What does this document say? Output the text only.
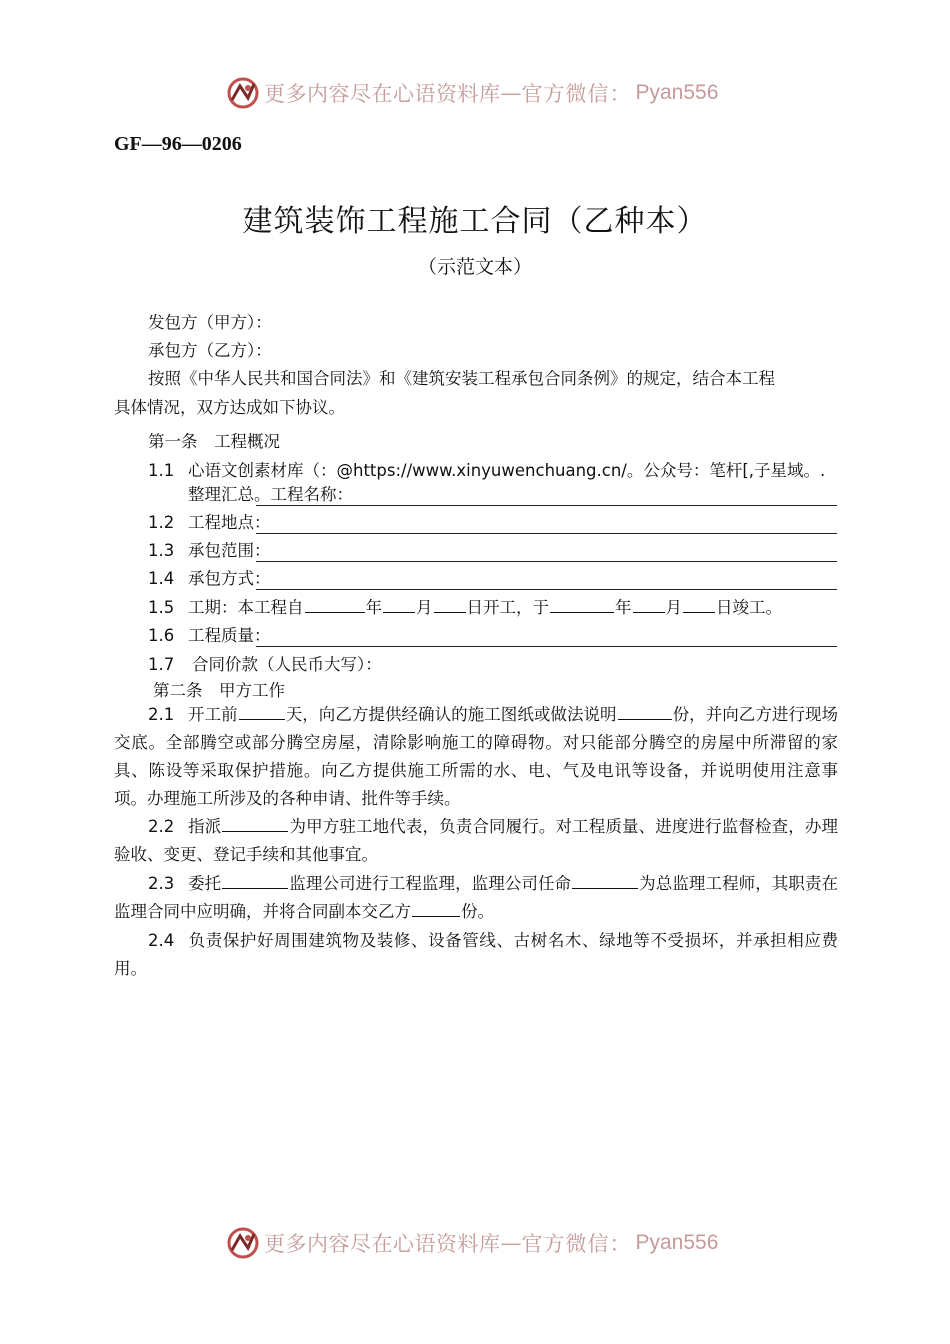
更多内容尽在心语资料库 — 官方微信： Pyan556
GF—96—0206
建筑装饰工程施工合同（乙种本）
（示范文本）
发包方（甲方）：
承包方（乙方）：
按照《中华人民共和国合同法》和《建筑安装工程承包合同条例》的规定，结合本工程
具体情况，双方达成如下协议。
第一条　工程概况
1.1 心语文创素材库（：@https://www.xinyuwenchuang.cn/。公众号：笔杆[,子星域。.
整理汇总。工程名称：
1.2 工程地点：
1.3 承包范围：
1.4 承包方式：
1.5 工期：本工程自	年 月 日开工，于	年 月 日竣工。
1.6 工程质量：
1.7 合同价款（人民币大写）：
第二条　甲方工作
2.1 开工前	天，向乙方提供经确认的施工图纸或做法说明	份，并向乙方进行现场交底。全部腾空或部分腾空房屋，清除影响施工的障碍物。对只能部分腾空的房屋中所滞留的家具、陈设等采取保护措施。向乙方提供施工所需的水、电、气及电讯等设备，并说明使用注意事项。办理施工所涉及的各种申请、批件等手续。
2.2 指派	为甲方驻工地代表，负责合同履行。对工程质量、进度进行监督检查，办理验收、变更、登记手续和其他事宜。
2.3 委托	监理公司进行工程监理，监理公司任命	为总监理工程师，其职责在监理合同中应明确，并将合同副本交乙方	份。
2.4 负责保护好周围建筑物及装修、设备管线、古树名木、绿地等不受损坏，并承担相应费用。
更多内容尽在心语资料库 — 官方微信： Pyan556
